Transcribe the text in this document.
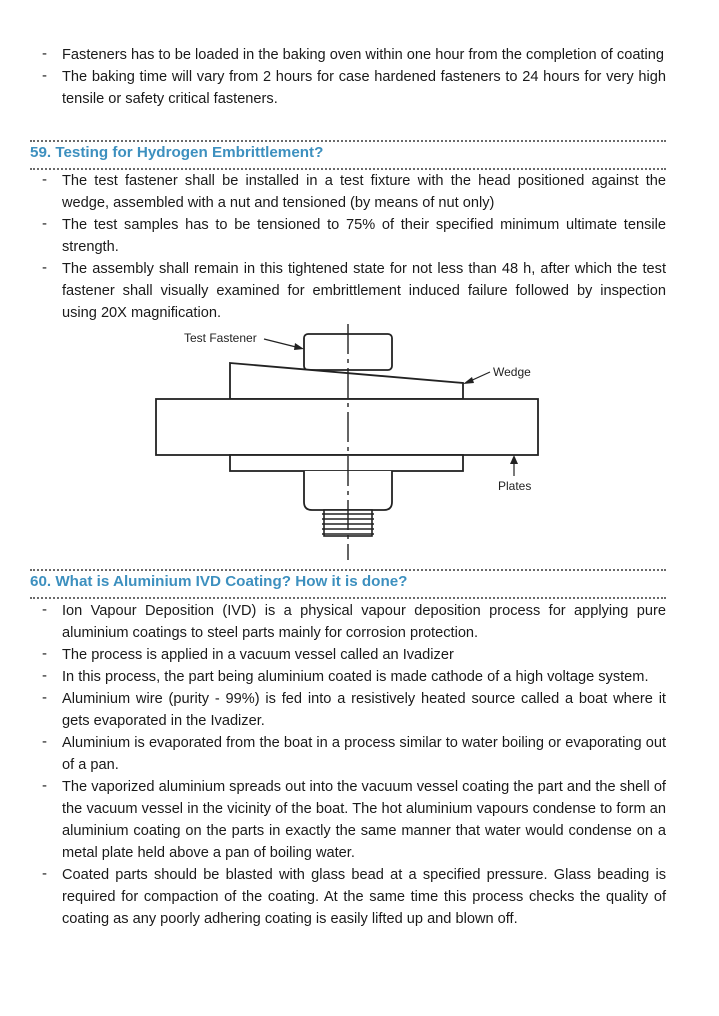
- Fasteners has to be loaded in the baking oven within one hour from the completion of coating
- The baking time will vary from 2 hours for case hardened fasteners to 24 hours for very high tensile or safety critical fasteners.
59. Testing for Hydrogen Embrittlement?
- The test fastener shall be installed in a test fixture with the head positioned against the wedge, assembled with a nut and tensioned (by means of nut only)
- The test samples has to be tensioned to 75% of their specified minimum ultimate tensile strength.
- The assembly shall remain in this tightened state for not less than 48 h, after which the test fastener shall visually examined for embrittlement induced failure followed by inspection using 20X magnification.
Test Fastener
Wedge
Plates
60. What is Aluminium IVD Coating? How it is done?
- Ion Vapour Deposition (IVD) is a physical vapour deposition process for applying pure aluminium coatings to steel parts mainly for corrosion protection.
- The process is applied in a vacuum vessel called an Ivadizer
- In this process, the part being aluminium coated is made cathode of a high voltage system.
- Aluminium wire (purity - 99%) is fed into a resistively heated source called a boat where it gets evaporated in the Ivadizer.
- Aluminium is evaporated from the boat in a process similar to water boiling or evaporating out of a pan.
- The vaporized aluminium spreads out into the vacuum vessel coating the part and the shell of the vacuum vessel in the vicinity of the boat. The hot aluminium vapours condense to form an aluminium coating on the parts in exactly the same manner that water would condense on a metal plate held above a pan of boiling water.
- Coated parts should be blasted with glass bead at a specified pressure. Glass beading is required for compaction of the coating. At the same time this process checks the quality of coating as any poorly adhering coating is easily lifted up and blown off.
